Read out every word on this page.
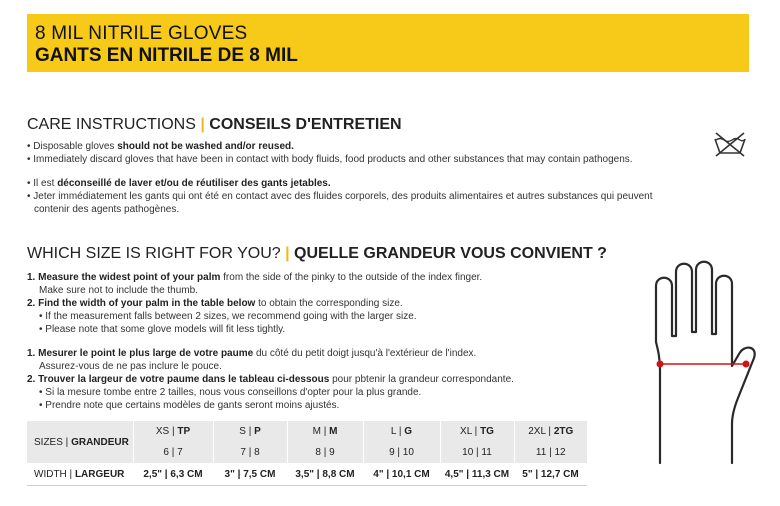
8 MIL NITRILE GLOVES
GANTS EN NITRILE DE 8 MIL
CARE INSTRUCTIONS | CONSEILS D'ENTRETIEN
• Disposable gloves should not be washed and/or reused.
• Immediately discard gloves that have been in contact with body fluids, food products and other substances that may contain pathogens.
• Il est déconseillé de laver et/ou de réutiliser des gants jetables.
• Jeter immédiatement les gants qui ont été en contact avec des fluides corporels, des produits alimentaires et autres substances qui peuvent
contenir des agents pathogènes.
WHICH SIZE IS RIGHT FOR YOU? | QUELLE GRANDEUR VOUS CONVIENT ?
1. Measure the widest point of your palm from the side of the pinky to the outside of the index finger.
Make sure not to include the thumb.
2. Find the width of your palm in the table below to obtain the corresponding size.
• If the measurement falls between 2 sizes, we recommend going with the larger size.
• Please note that some glove models will fit less tightly.
1. Mesurer le point le plus large de votre paume du côté du petit doigt jusqu'à l'extérieur de l'index.
Assurez-vous de ne pas inclure le pouce.
2. Trouver la largeur de votre paume dans le tableau ci-dessous pour pbtenir la grandeur correspondante.
• Si la mesure tombe entre 2 tailles, nous vous conseillons d'opter pour la plus grande.
• Prendre note que certains modèles de gants seront moins ajustés.
SIZES | GRANDEUR	XS | TP	S | P	M | M	L | G	XL | TG	2XL | 2TG
	6 | 7	7 | 8	8 | 9	9 | 10	10 | 11	11 | 12
WIDTH | LARGEUR	2,5" | 6,3 CM	3" | 7,5 CM	3,5" | 8,8 CM	4" | 10,1 CM	4,5" | 11,3 CM	5" | 12,7 CM
